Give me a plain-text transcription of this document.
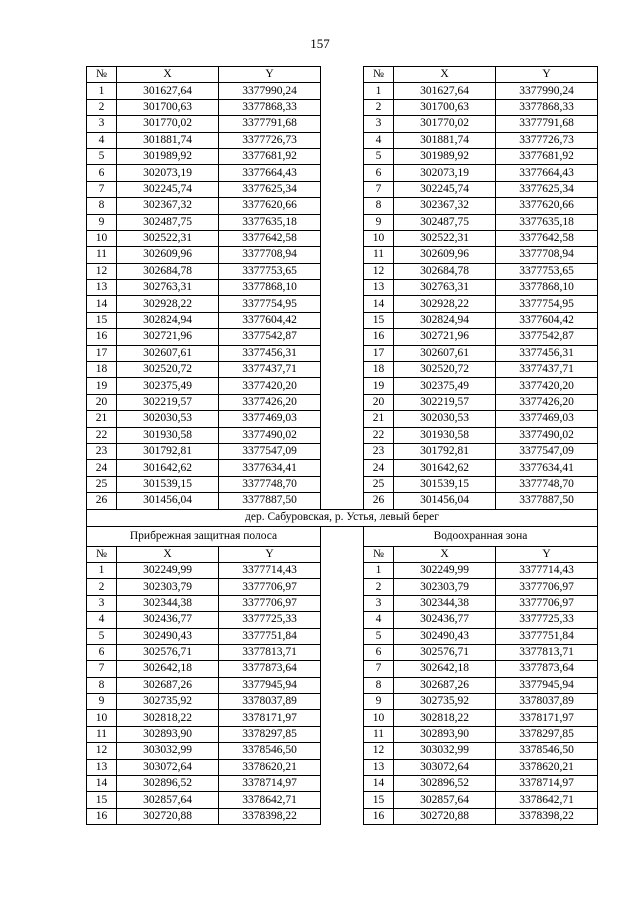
157
№	X	Y		№	X	Y
1	301627,64	3377990,24		1	301627,64	3377990,24
2	301700,63	3377868,33		2	301700,63	3377868,33
3	301770,02	3377791,68		3	301770,02	3377791,68
4	301881,74	3377726,73		4	301881,74	3377726,73
5	301989,92	3377681,92		5	301989,92	3377681,92
6	302073,19	3377664,43		6	302073,19	3377664,43
7	302245,74	3377625,34		7	302245,74	3377625,34
8	302367,32	3377620,66		8	302367,32	3377620,66
9	302487,75	3377635,18		9	302487,75	3377635,18
10	302522,31	3377642,58		10	302522,31	3377642,58
11	302609,96	3377708,94		11	302609,96	3377708,94
12	302684,78	3377753,65		12	302684,78	3377753,65
13	302763,31	3377868,10		13	302763,31	3377868,10
14	302928,22	3377754,95		14	302928,22	3377754,95
15	302824,94	3377604,42		15	302824,94	3377604,42
16	302721,96	3377542,87		16	302721,96	3377542,87
17	302607,61	3377456,31		17	302607,61	3377456,31
18	302520,72	3377437,71		18	302520,72	3377437,71
19	302375,49	3377420,20		19	302375,49	3377420,20
20	302219,57	3377426,20		20	302219,57	3377426,20
21	302030,53	3377469,03		21	302030,53	3377469,03
22	301930,58	3377490,02		22	301930,58	3377490,02
23	301792,81	3377547,09		23	301792,81	3377547,09
24	301642,62	3377634,41		24	301642,62	3377634,41
25	301539,15	3377748,70		25	301539,15	3377748,70
26	301456,04	3377887,50		26	301456,04	3377887,50
дер. Сабуровская, р. Устья, левый берег						
Прибрежная защитная полоса				Водоохранная зона		
№	X	Y		№	X	Y
1	302249,99	3377714,43		1	302249,99	3377714,43
2	302303,79	3377706,97		2	302303,79	3377706,97
3	302344,38	3377706,97		3	302344,38	3377706,97
4	302436,77	3377725,33		4	302436,77	3377725,33
5	302490,43	3377751,84		5	302490,43	3377751,84
6	302576,71	3377813,71		6	302576,71	3377813,71
7	302642,18	3377873,64		7	302642,18	3377873,64
8	302687,26	3377945,94		8	302687,26	3377945,94
9	302735,92	3378037,89		9	302735,92	3378037,89
10	302818,22	3378171,97		10	302818,22	3378171,97
11	302893,90	3378297,85		11	302893,90	3378297,85
12	303032,99	3378546,50		12	303032,99	3378546,50
13	303072,64	3378620,21		13	303072,64	3378620,21
14	302896,52	3378714,97		14	302896,52	3378714,97
15	302857,64	3378642,71		15	302857,64	3378642,71
16	302720,88	3378398,22		16	302720,88	3378398,22
